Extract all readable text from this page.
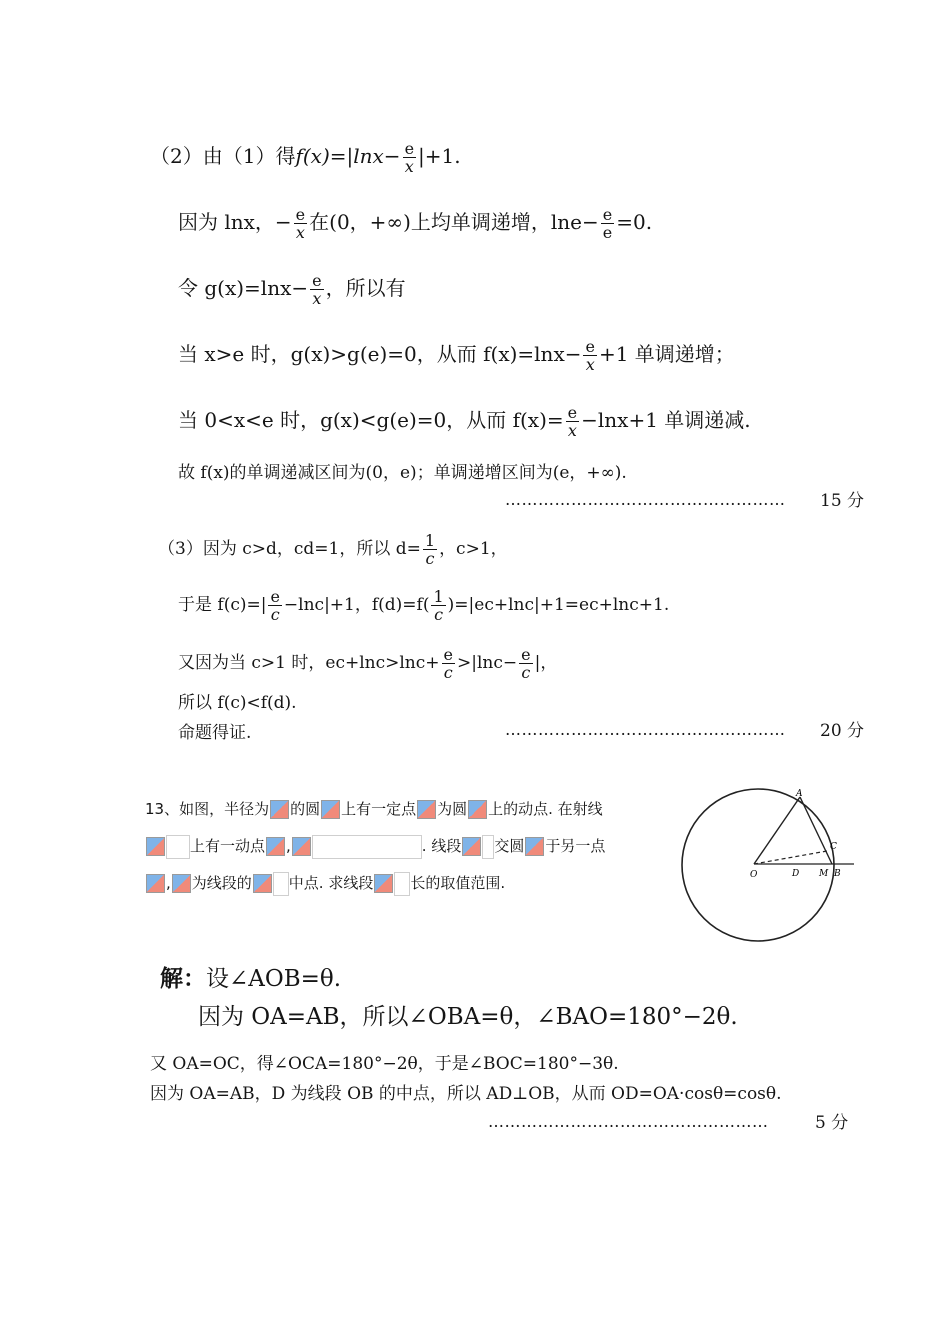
（2）由（1）得$f(x)=|\ln x- \frac{e}{x} |+1$.
因为 lnx，− $\frac{e}{x}$ 在(0，+∞)上均单调递增，$\ln e- \frac{e}{e} =0$.
令 $g(x)=\ln x- \frac{e}{x}$ ，所以有
当 x>e 时，g(x)>g(e)=0，从而 $f(x)=\ln x- \frac{e}{x} +1$ 单调递增；
当 0<x<e 时，g(x)<g(e)=0，从而 $f(x)= \frac{e}{x} -\ln x+1$ 单调递减.
故 f(x)的单调递减区间为(0，e)；单调递增区间为(e，+∞).
…………………………………………… 15 分
（3）因为 c>d，cd=1，所以 $d= \frac{1}{c}$ ，c>1，
于是 $f(c)=| \frac{e}{c} -\ln c|+1$，$f(d)=f( \frac{1}{c} )=|ec+\ln c|+1=ec+\ln c+1$.
又因为当 c>1 时，$ec+\ln c>\ln c+ \frac{e}{c} >|\ln c- \frac{e}{c}$ |，
所以 f(c)<f(d).
命题得证.	…………………………………………… 20 分
13、如图，半径为 的圆 上有一定点 为圆 上的动点. 在射线
上有一动点 ,	. 线段 交圆 于另一点
, 为线段的 中点. 求线段 长的取值范围.
A
C
O	D M B
解：设∠AOB=θ.
因为 OA=AB，所以∠OBA=θ，∠BAO=180°−2θ.
又 OA=OC，得∠OCA=180°−2θ，于是∠BOC=180°−3θ.
因为 OA=AB，D 为线段 OB 的中点，所以 AD⊥OB，从而 OD=OA·cosθ=cosθ.
……………………………………………	5 分
